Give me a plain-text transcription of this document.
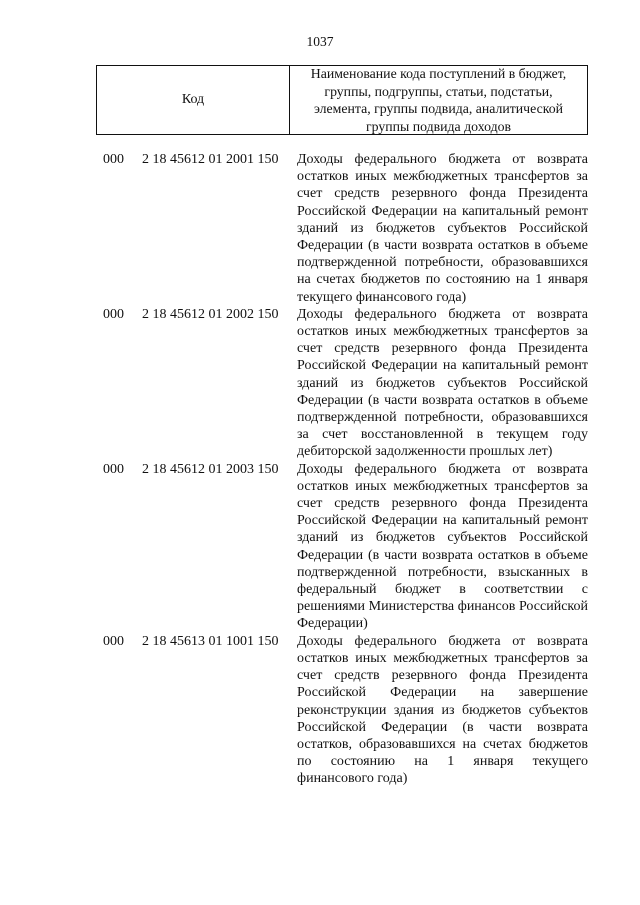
1037
Код
Наименование кода поступлений в бюджет, группы, подгруппы, статьи, подстатьи, элемента, группы подвида, аналитической группы подвида доходов
000 2 18 45612 01 2001 150 Доходы федерального бюджета от возврата остатков иных межбюджетных трансфертов за счет средств резервного фонда Президента Российской Федерации на капитальный ремонт зданий из бюджетов субъектов Российской Федерации (в части возврата остатков в объеме подтвержденной потребности, образовавшихся на счетах бюджетов по состоянию на 1 января текущего финансового года)
000 2 18 45612 01 2002 150 Доходы федерального бюджета от возврата остатков иных межбюджетных трансфертов за счет средств резервного фонда Президента Российской Федерации на капитальный ремонт зданий из бюджетов субъектов Российской Федерации (в части возврата остатков в объеме подтвержденной потребности, образовавшихся за счет восстановленной в текущем году дебиторской задолженности прошлых лет)
000 2 18 45612 01 2003 150 Доходы федерального бюджета от возврата остатков иных межбюджетных трансфертов за счет средств резервного фонда Президента Российской Федерации на капитальный ремонт зданий из бюджетов субъектов Российской Федерации (в части возврата остатков в объеме подтвержденной потребности, взысканных в федеральный бюджет в соответствии с решениями Министерства финансов Российской Федерации)
000 2 18 45613 01 1001 150 Доходы федерального бюджета от возврата остатков иных межбюджетных трансфертов за счет средств резервного фонда Президента Российской Федерации на завершение реконструкции здания из бюджетов субъектов Российской Федерации (в части возврата остатков, образовавшихся на счетах бюджетов по состоянию на 1 января текущего финансового года)
